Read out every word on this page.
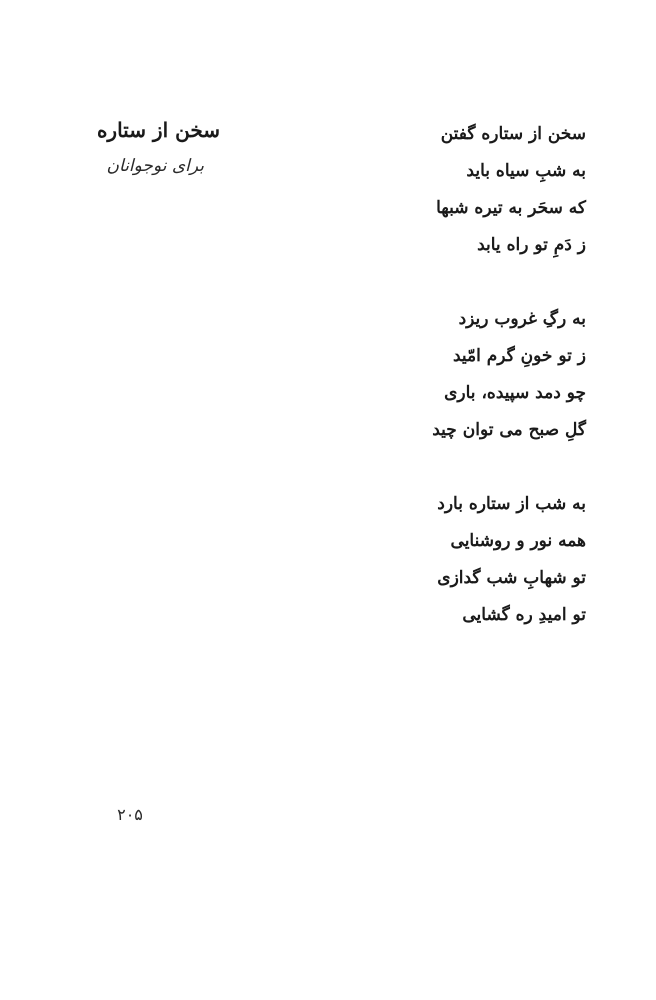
سخن از ستاره
برای نوجوانان
سخن از ستاره گفتن
به شبِ سیاه باید
که سحَر به تیره شبها
ز دَمِ تو راه یابد
به رگِ غروب ریزد
ز تو خونِ گرم امّید
چو دمد سپیده، باری
گلِ صبح می توان چید
به شب از ستاره بارد
همه نور و روشنایی
تو شهابِ شب گدازی
تو امیدِ ره گشایی
۲۰۵
